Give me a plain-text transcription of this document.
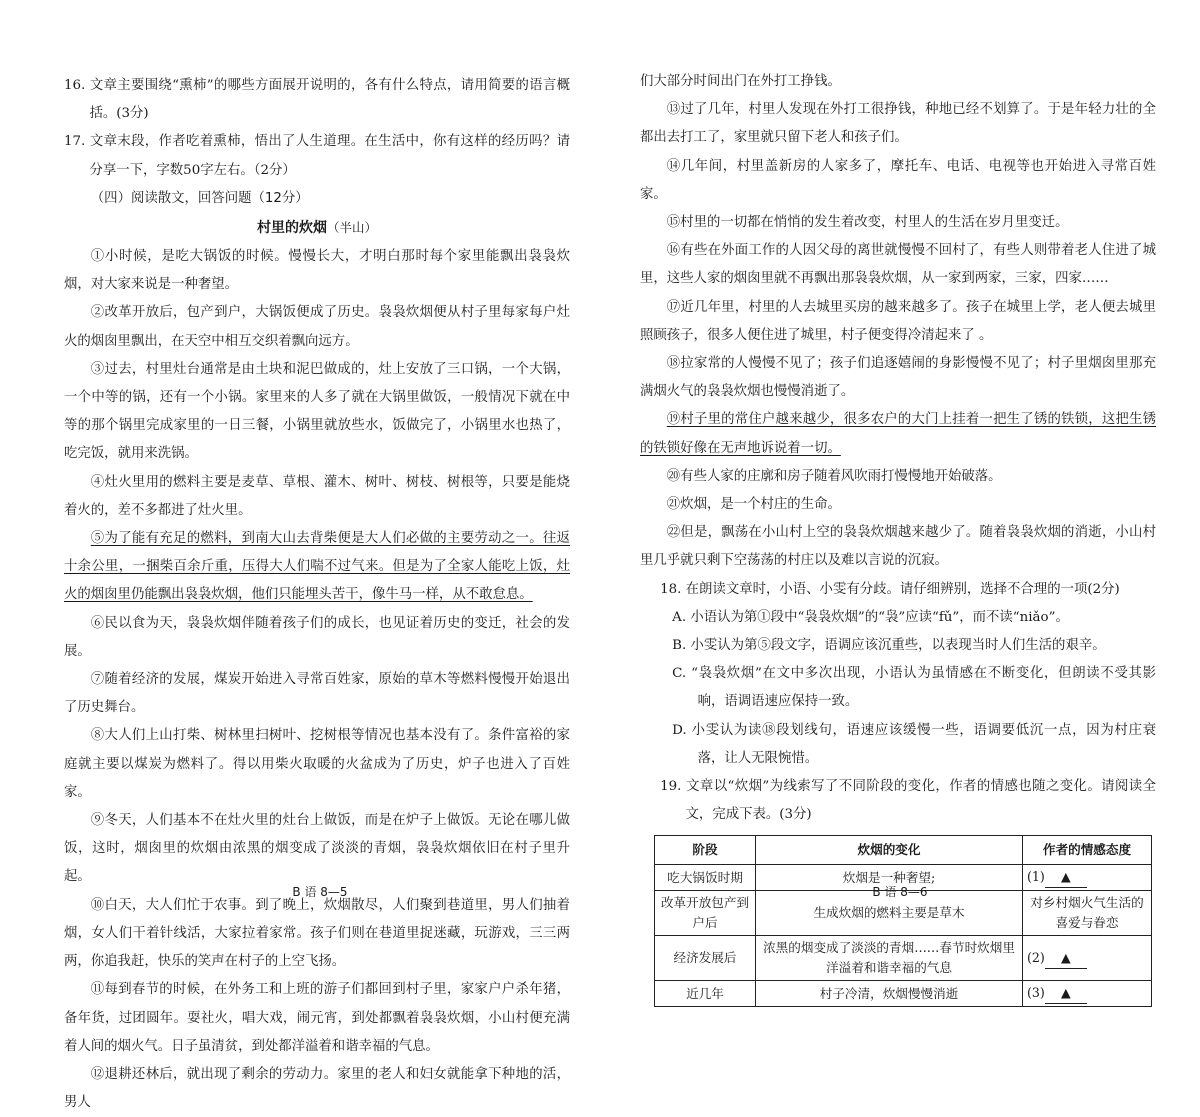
16. 文章主要围绕“熏柿”的哪些方面展开说明的，各有什么特点，请用简要的语言概括。(3分)

17. 文章末段，作者吃着熏柿，悟出了人生道理。在生活中，你有这样的经历吗？请分享一下，字数50字左右。（2分）

（四）阅读散文，回答问题（12分）

村里的炊烟（半山）

①小时候，是吃大锅饭的时候。慢慢长大，才明白那时每个家里能飘出袅袅炊烟，对大家来说是一种奢望。

②改革开放后，包产到户，大锅饭便成了历史。袅袅炊烟便从村子里每家每户灶火的烟囱里飘出，在天空中相互交织着飘向远方。

③过去，村里灶台通常是由土块和泥巴做成的，灶上安放了三口锅，一个大锅，一个中等的锅，还有一个小锅。家里来的人多了就在大锅里做饭，一般情况下就在中等的那个锅里完成家里的一日三餐，小锅里就放些水，饭做完了，小锅里水也热了，吃完饭，就用来洗锅。

④灶火里用的燃料主要是麦草、草根、灌木、树叶、树枝、树根等，只要是能烧着火的，差不多都进了灶火里。

⑤为了能有充足的燃料，到南大山去背柴便是大人们必做的主要劳动之一。往返十余公里，一捆柴百余斤重，压得大人们喘不过气来。但是为了全家人能吃上饭，灶火的烟囱里仍能飘出袅袅炊烟，他们只能埋头苦干，像牛马一样，从不敢怠息。

⑥民以食为天，袅袅炊烟伴随着孩子们的成长，也见证着历史的变迁，社会的发展。

⑦随着经济的发展，煤炭开始进入寻常百姓家，原始的草木等燃料慢慢开始退出了历史舞台。

⑧大人们上山打柴、树林里扫树叶、挖树根等情况也基本没有了。条件富裕的家庭就主要以煤炭为燃料了。得以用柴火取暖的火盆成为了历史，炉子也进入了百姓家。

⑨冬天，人们基本不在灶火里的灶台上做饭，而是在炉子上做饭。无论在哪儿做饭，这时，烟囱里的炊烟由浓黑的烟变成了淡淡的青烟，袅袅炊烟依旧在村子里升起。

⑩白天，大人们忙于农事。到了晚上，炊烟散尽，人们聚到巷道里，男人们抽着烟，女人们干着针线活，大家拉着家常。孩子们则在巷道里捉迷藏，玩游戏，三三两两，你追我赶，快乐的笑声在村子的上空飞扬。

⑪每到春节的时候，在外务工和上班的游子们都回到村子里，家家户户杀年猪，备年货，过团圆年。耍社火，唱大戏，闹元宵，到处都飘着袅袅炊烟，小山村便充满着人间的烟火气。日子虽清贫，到处都洋溢着和谐幸福的气息。

⑫退耕还林后，就出现了剩余的劳动力。家里的老人和妇女就能拿下种地的活，男人

B 语 8—5

们大部分时间出门在外打工挣钱。

⑬过了几年，村里人发现在外打工很挣钱，种地已经不划算了。于是年轻力壮的全都出去打工了，家里就只留下老人和孩子们。

⑭几年间，村里盖新房的人家多了，摩托车、电话、电视等也开始进入寻常百姓家。

⑮村里的一切都在悄悄的发生着改变，村里人的生活在岁月里变迁。

⑯有些在外面工作的人因父母的离世就慢慢不回村了，有些人则带着老人住进了城里，这些人家的烟囱里就不再飘出那袅袅炊烟，从一家到两家，三家，四家……

⑰近几年里，村里的人去城里买房的越来越多了。孩子在城里上学，老人便去城里照顾孩子，很多人便住进了城里，村子便变得冷清起来了 。

⑱拉家常的人慢慢不见了；孩子们追逐嬉闹的身影慢慢不见了；村子里烟囱里那充满烟火气的袅袅炊烟也慢慢消逝了。

⑲村子里的常住户越来越少，很多农户的大门上挂着一把生了锈的铁锁，这把生锈的铁锁好像在无声地诉说着一切。

⑳有些人家的庄廓和房子随着风吹雨打慢慢地开始破落。

㉑炊烟，是一个村庄的生命。

㉒但是，飘荡在小山村上空的袅袅炊烟越来越少了。随着袅袅炊烟的消逝，小山村里几乎就只剩下空荡荡的村庄以及难以言说的沉寂。

18. 在朗读文章时，小语、小雯有分歧。请仔细辨别，选择不合理的一项(2分)

A. 小语认为第①段中“袅袅炊烟”的“袅”应读“fǔ”，而不读“niǎo”。

B. 小雯认为第⑤段文字，语调应该沉重些，以表现当时人们生活的艰辛。

C. “袅袅炊烟”在文中多次出现，小语认为虽情感在不断变化，但朗读不受其影响，语调语速应保持一致。

D. 小雯认为读⑱段划线句，语速应该缓慢一些，语调要低沉一点，因为村庄衰落，让人无限惋惜。

19. 文章以“炊烟”为线索写了不同阶段的变化，作者的情感也随之变化。请阅读全文，完成下表。(3分)

阶段	炊烟的变化	作者的情感态度
吃大锅饭时期	炊烟是一种奢望;	(1) ▲
改革开放包产到户后	生成炊烟的燃料主要是草木	对乡村烟火气生活的喜爱与眷恋
经济发展后	浓黑的烟变成了淡淡的青烟……春节时炊烟里洋溢着和谐幸福的气息	(2) ▲
近几年	村子冷清，炊烟慢慢消逝	(3) ▲
B 语 8—6
